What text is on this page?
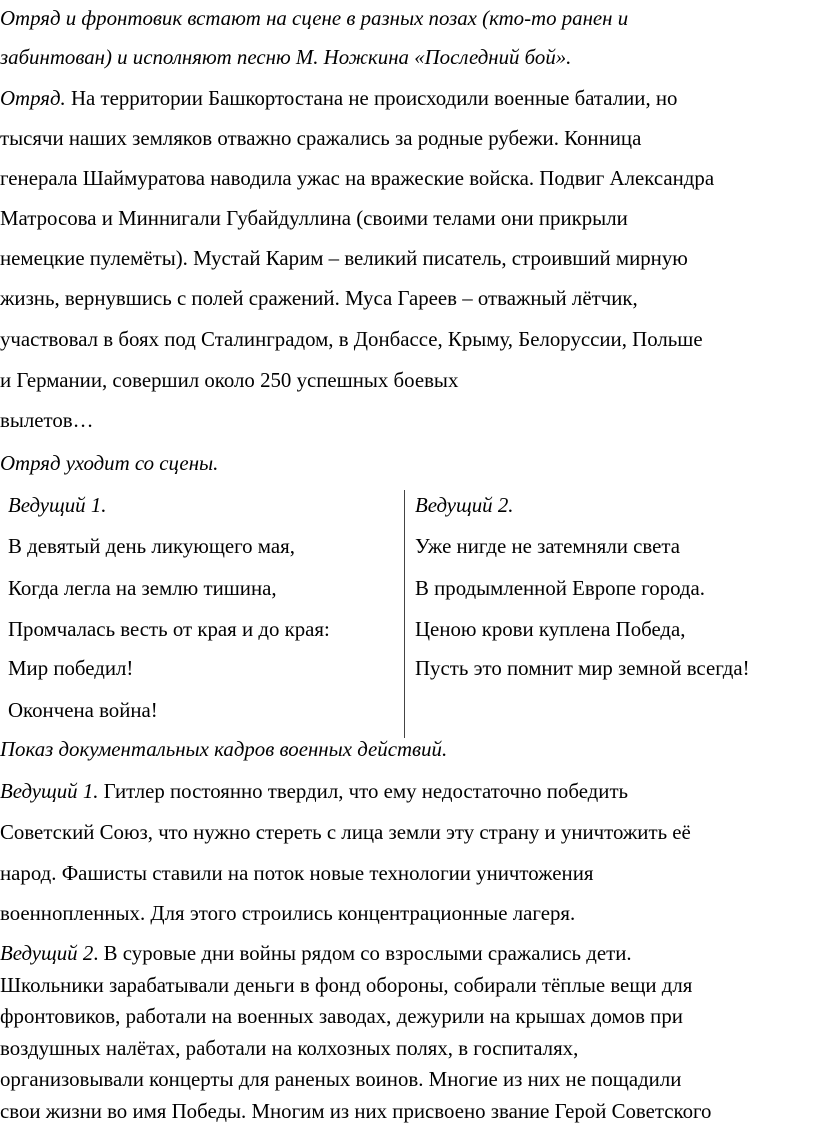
Отряд и фронтовик встают на сцене в разных позах (кто-то ранен и
забинтован) и исполняют песню М. Ножкина «Последний бой».
Отряд. На территории Башкортостана не происходили военные баталии, но
тысячи наших земляков отважно сражались за родные рубежи. Конница
генерала Шаймуратова наводила ужас на вражеские войска. Подвиг Александра
Матросова и Миннигали Губайдуллина (своими телами они прикрыли
немецкие пулемёты). Мустай Карим – великий писатель, строивший мирную
жизнь, вернувшись с полей сражений. Муса Гареев – отважный лётчик,
участвовал в боях под Сталинградом, в Донбассе, Крыму, Белоруссии, Польше
и Германии, совершил около 250 успешных боевых
вылетов…
Отряд уходит со сцены.
Ведущий 1.
В девятый день ликующего мая,
Когда легла на землю тишина,
Промчалась весть от края и до края:
Мир победил!
Окончена война!
Ведущий 2.
Уже нигде не затемняли света
В продымленной Европе города.
Ценою крови куплена Победа,
Пусть это помнит мир земной всегда!
Показ документальных кадров военных действий.
Ведущий 1. Гитлер постоянно твердил, что ему недостаточно победить
Советский Союз, что нужно стереть с лица земли эту страну и уничтожить её
народ. Фашисты ставили на поток новые технологии уничтожения
военнопленных. Для этого строились концентрационные лагеря.
Ведущий 2. В суровые дни войны рядом со взрослыми сражались дети.
Школьники зарабатывали деньги в фонд обороны, собирали тёплые вещи для
фронтовиков, работали на военных заводах, дежурили на крышах домов при
воздушных налётах, работали на колхозных полях, в госпиталях,
организовывали концерты для раненых воинов. Многие из них не пощадили
свои жизни во имя Победы. Многим из них присвоено звание Герой Советского
